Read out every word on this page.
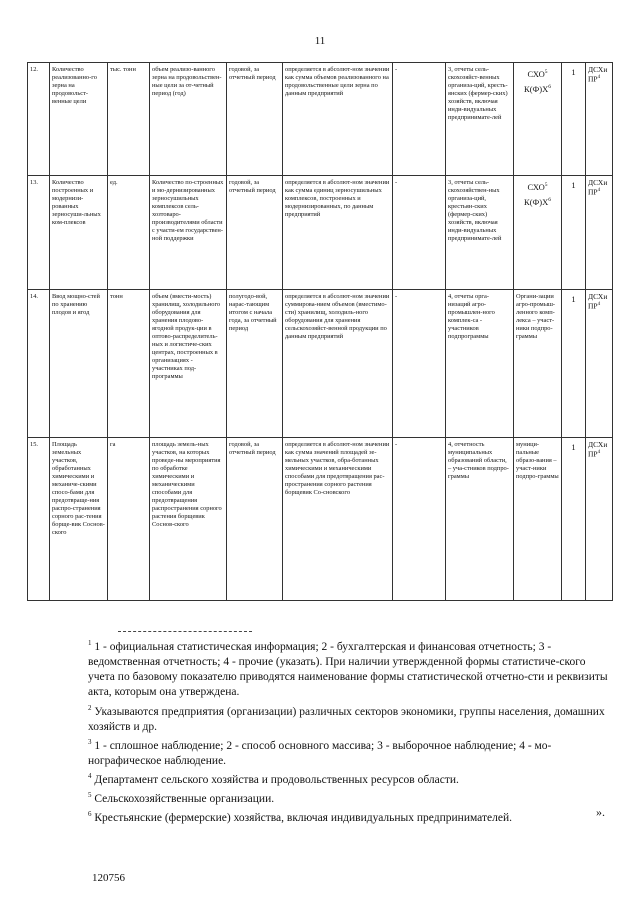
11
12.	Количество реализованно-го зерна на продовольст-венные цели	тыс. тонн	объем реализо-ванного зерна на продовольствен-ные цели за от-четный период (год)	годовой, за отчетный период	определяется в абсолют-ном значении как сумма объемов реализованного на продовольственные цели зерна по данным предприятий	-	3, отчеты сель-скохозяйст-венных организа-ций, кресть-янских (фермер-ских) хозяйств, включая инди-видуальных предпринимате-лей	СХО$^5$
$К(Ф)Х^6$	1	ДСХиПР$^4$
13.	Количество построенных и модернизи-рованных зерносуши-льных ком-плексов	ед.	Количество по-строенных и мо-дернизированных зерносушильных комплексов сель-хозтоваро-производителями области с участи-ем государствен-ной поддержки	годовой, за отчетный период	определяется в абсолют-ном значении как сумма единиц зерносушильных комплексов, построенных и модернизированных, по данным предприятий	-	3, отчеты сель-скохозяйствен-ных организа-ций, крестьян-ских (фермер-ских) хозяйств, включая инди-видуальных предпринимате-лей	СХО$^5$
$К(Ф)Х^6$	1	ДСХиПР$^4$
14.	Ввод мощно-стей по хранению плодов и ягод	тонн	объем (вмести-мость) хранилищ, холодильного оборудования для хранения плодово-ягодной продук-ции в оптово-распределитель-ных и логистиче-ских центрах, построенных в организациях - участниках под-программы	полугодо-вой, нарас-тающим итогом с начала года, за отчетный период	определяется в абсолют-ном значении суммирова-нием объемов (вместимо-сти) хранилищ, холодиль-ного оборудования для хранения сельскохозяйст-венной продукции по данным предприятий	-	4, отчеты орга-низаций агро-промышлен-ного комплек-са - участников подпрограммы	Органи-зации агро-промыш-ленного комп-лекса – участ-ники подпро-граммы	1	ДСХиПР$^4$
15.	Площадь земельных участков, обработанных химическими и механиче-скими спосо-бами для предотвраще-ния распро-странения сорного рас-тения борще-вик Соснов-ского	га	площадь земель-ных участков, на которых проведе-ны мероприятия по обработке химическими и механическими способами для предотвращения распространения сорного растения борщевик Соснов-ского	годовой, за отчетный период	определяется в абсолют-ном значении как сумма значений площадей зе-мельных участков, обра-ботанных химическими и механическими способами для предотвращения рас-пространения сорного растения борщевик Со-сновского	-	4, отчетность муниципальных образований области, – уча-стников подпро-граммы	муници-пальные образо-вания – участ-ники подпро-граммы	1	ДСХиПР$^4$

$^1$ 1 - официальная статистическая информация; 2 - бухгалтерская и финансовая отчетность; 3 - ведомственная отчетность; 4 - прочие (указать). При наличии утвержденной формы статистиче-ского учета по базовому показателю приводятся наименование формы статистической отчетно-сти и реквизиты акта, которым она утверждена.

$^2$ Указываются предприятия (организации) различных секторов экономики, группы населения, домашних хозяйств и др.

$^3$ 1 - сплошное наблюдение; 2 - способ основного массива; 3 - выборочное наблюдение; 4 - мо-нографическое наблюдение.

$^4$ Департамент сельского хозяйства и продовольственных ресурсов области.

$^5$ Сельскохозяйственные организации.

$^6$ Крестьянские (фермерские) хозяйства, включая индивидуальных предпринимателей.	».
120756
